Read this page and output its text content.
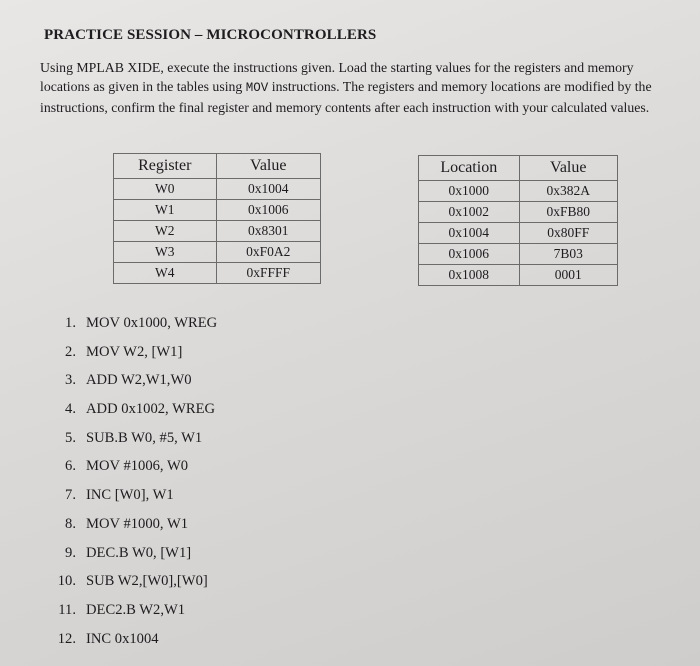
PRACTICE SESSION – MICROCONTROLLERS
Using MPLAB XIDE, execute the instructions given. Load the starting values for the registers and memory locations as given in the tables using MOV instructions. The registers and memory locations are modified by the instructions, confirm the final register and memory contents after each instruction with your calculated values.
Register	Value
W0	0x1004
W1	0x1006
W2	0x8301
W3	0xF0A2
W4	0xFFFF
Location	Value
0x1000	0x382A
0x1002	0xFB80
0x1004	0x80FF
0x1006	7B03
0x1008	0001
1. MOV 0x1000, WREG
2. MOV W2, [W1]
3. ADD W2,W1,W0
4. ADD 0x1002, WREG
5. SUB.B W0, #5, W1
6. MOV #1006, W0
7. INC [W0], W1
8. MOV #1000, W1
9. DEC.B W0, [W1]
10. SUB W2,[W0],[W0]
11. DEC2.B W2,W1
12. INC 0x1004
